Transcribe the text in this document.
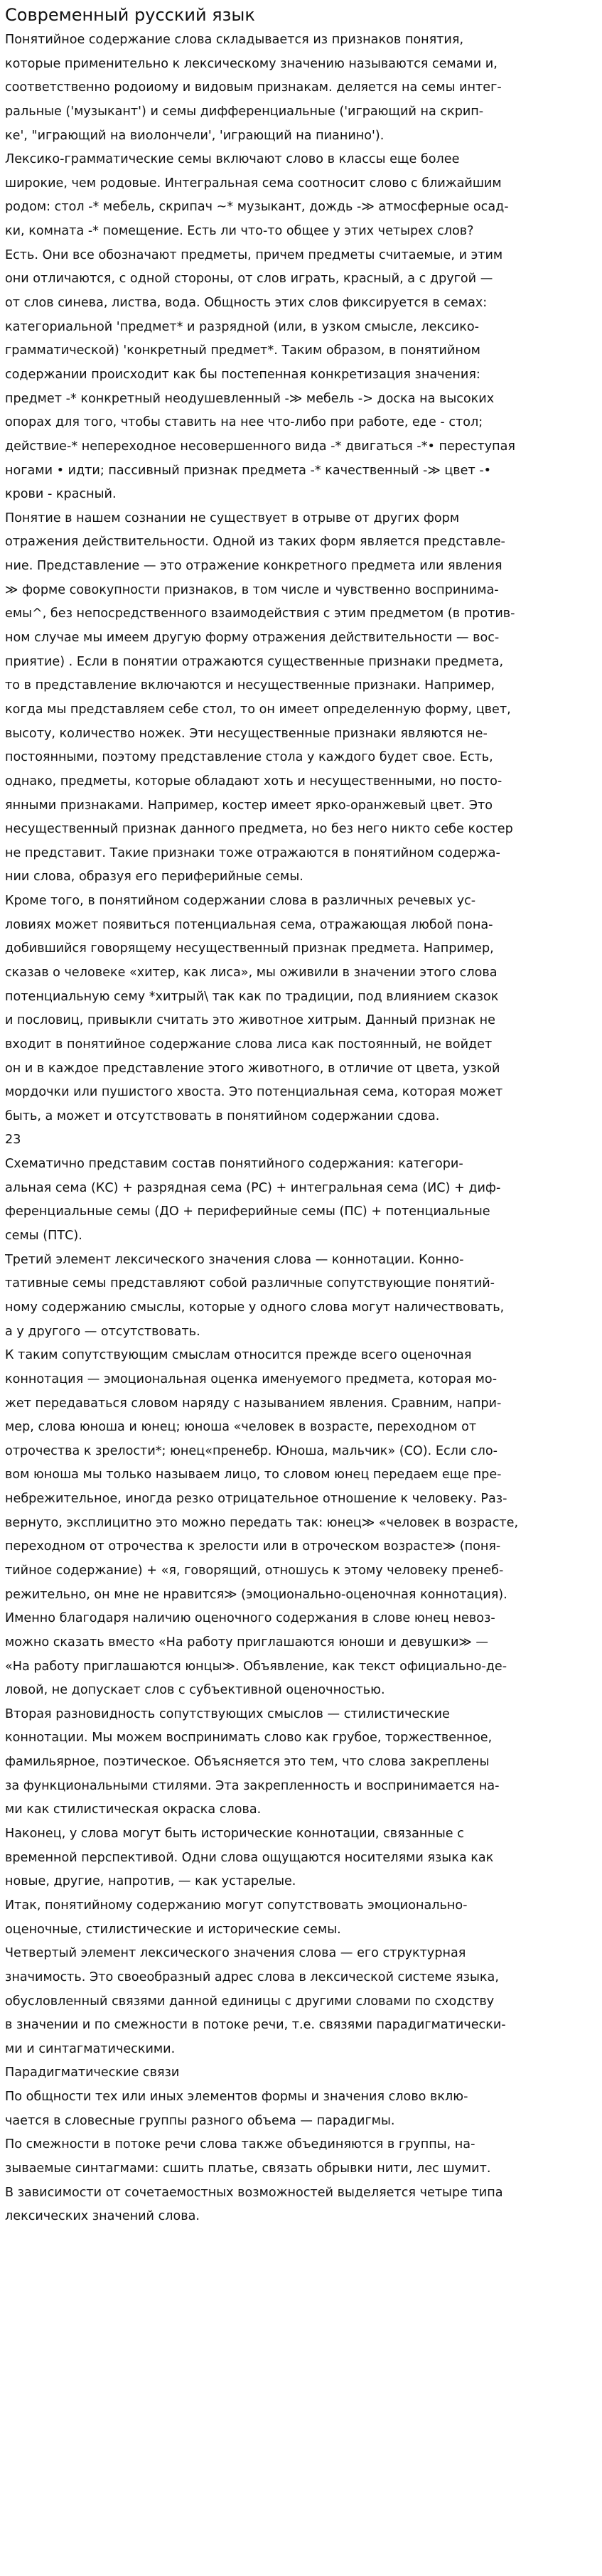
Современный русский язык
Понятийное содержание слова складывается из признаков понятия,
которые применительно к лексическому значению называются семами и,
соответственно родоиому и видовым признакам. деляется на семы интег-
ральные ('музыкант') и семы дифференциальные ('играющий на скрип-
ке', "играющий на виолончели', 'играющий на пианино').
Лексико-грамматические семы включают слово в классы еще более
широкие, чем родовые. Интегральная сема соотносит слово с ближайшим
родом: стол -* мебель, скрипач ~* музыкант, дождь -≫ атмосферные осад-
ки, комната -* помещение. Есть ли что-то общее у этих четырех слов?
Есть. Они все обозначают предметы, причем предметы считаемые, и этим
они отличаются, с одной стороны, от слов играть, красный, а с другой —
от слов синева, листва, вода. Общность этих слов фиксируется в семах:
категориальной 'предмет* и разрядной (или, в узком смысле, лексико-
грамматической) 'конкретный предмет*. Таким образом, в понятийном
содержании происходит как бы постепенная конкретизация значения:
предмет -* конкретный неодушевленный -≫ мебель -> доска на высоких
опорах для того, чтобы ставить на нее что-либо при работе, еде - стол;
действие-* непереходное несовершенного вида -* двигаться -*• переступая
ногами • идти; пассивный признак предмета -* качественный -≫ цвет -•
крови - красный.
Понятие в нашем сознании не существует в отрыве от других форм
отражения действительности. Одной из таких форм является представле-
ние. Представление — это отражение конкретного предмета или явления
≫ форме совокупности признаков, в том числе и чувственно воспринима-
емы^, без непосредственного взаимодействия с этим предметом (в против-
ном случае мы имеем другую форму отражения действительности — вос-
приятие) . Если в понятии отражаются существенные признаки предмета,
то в представление включаются и несущественные признаки. Например,
когда мы представляем себе стол, то он имеет определенную форму, цвет,
высоту, количество ножек. Эти несущественные признаки являются не-
постоянными, поэтому представление стола у каждого будет свое. Есть,
однако, предметы, которые обладают хоть и несущественными, но посто-
янными признаками. Например, костер имеет ярко-оранжевый цвет. Это
несущественный признак данного предмета, но без него никто себе костер
не представит. Такие признаки тоже отражаются в понятийном содержа-
нии слова, образуя его периферийные семы.
Кроме того, в понятийном содержании слова в различных речевых ус-
ловиях может появиться потенциальная сема, отражающая любой пона-
добившийся говорящему несущественный признак предмета. Например,
сказав о человеке «хитер, как лиса», мы оживили в значении этого слова
потенциальную сему *хитрый\ так как по традиции, под влиянием сказок
и пословиц, привыкли считать это животное хитрым. Данный признак не
входит в понятийное содержание слова лиса как постоянный, не войдет
он и в каждое представление этого животного, в отличие от цвета, узкой
мордочки или пушистого хвоста. Это потенциальная сема, которая может
быть, а может и отсутствовать в понятийном содержании сдова.
23
Схематично представим состав понятийного содержания: категори-
альная сема (КС) + разрядная сема (РС) + интегральная сема (ИС) + диф-
ференциальные семы (ДО + периферийные семы (ПС) + потенциальные
семы (ПТС).
Третий элемент лексического значения слова — коннотации. Конно-
тативные семы представляют собой различные сопутствующие понятий-
ному содержанию смыслы, которые у одного слова могут наличествовать,
а у другого — отсутствовать.
К таким сопутствующим смыслам относится прежде всего оценочная
коннотация — эмоциональная оценка именуемого предмета, которая мо-
жет передаваться словом наряду с называнием явления. Сравним, напри-
мер, слова юноша и юнец; юноша «человек в возрасте, переходном от
отрочества к зрелости*; юнец«пренебр. Юноша, мальчик» (СО). Если сло-
вом юноша мы только называем лицо, то словом юнец передаем еще пре-
небрежительное, иногда резко отрицательное отношение к человеку. Раз-
вернуто, эксплицитно это можно передать так: юнец≫ «человек в возрасте,
переходном от отрочества к зрелости или в отроческом возрасте≫ (поня-
тийное содержание) + «я, говорящий, отношусь к этому человеку пренеб-
режительно, он мне не нравится≫ (эмоционально-оценочная коннотация).
Именно благодаря наличию оценочного содержания в слове юнец невоз-
можно сказать вместо «На работу приглашаются юноши и девушки≫ —
«На работу приглашаются юнцы≫. Объявление, как текст официально-де-
ловой, не допускает слов с субъективной оценочностью.
Вторая разновидность сопутствующих смыслов — стилистические
коннотации. Мы можем воспринимать слово как грубое, торжественное,
фамильярное, поэтическое. Объясняется это тем, что слова закреплены
за функциональными стилями. Эта закрепленность и воспринимается на-
ми как стилистическая окраска слова.
Наконец, у слова могут быть исторические коннотации, связанные с
временной перспективой. Одни слова ощущаются носителями языка как
новые, другие, напротив, — как устарелые.
Итак, понятийному содержанию могут сопутствовать эмоционально-
оценочные, стилистические и исторические семы.
Четвертый элемент лексического значения слова — его структурная
значимость. Это своеобразный адрес слова в лексической системе языка,
обусловленный связями данной единицы с другими словами по сходству
в значении и по смежности в потоке речи, т.е. связями парадигматически-
ми и синтагматическими.
Парадигматические связи
По общности тех или иных элементов формы и значения слово вклю-
чается в словесные группы разного объема — парадигмы.
По смежности в потоке речи слова также объединяются в группы, на-
зываемые синтагмами: сшить платье, связать обрывки нити, лес шумит.
В зависимости от сочетаемостных возможностей выделяется четыре типа
лексических значений слова.
